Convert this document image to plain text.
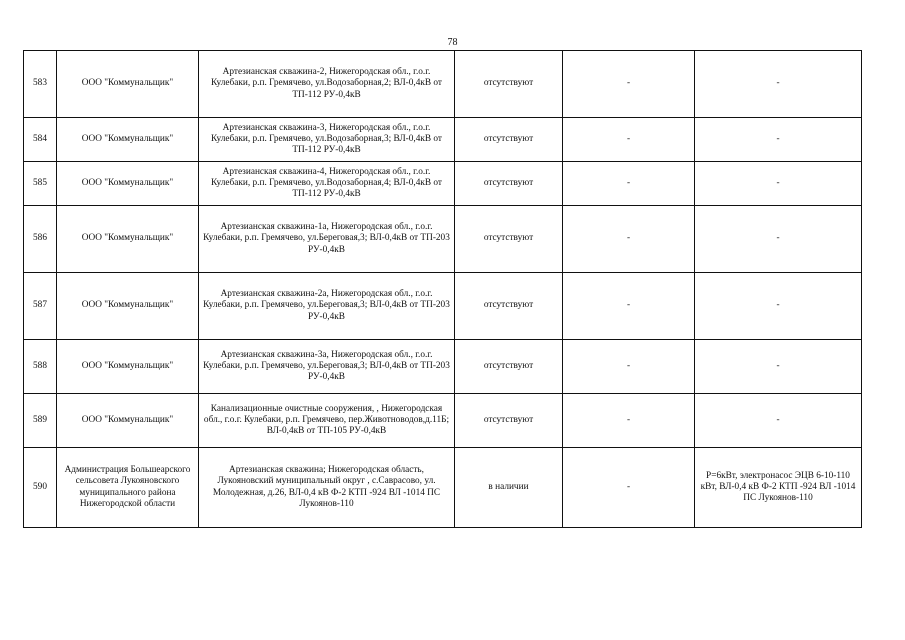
78
583	ООО "Коммунальщик"	Артезианская скважина-2, Нижегородская обл., г.о.г. Кулебаки, р.п. Гремячево, ул.Водозаборная,2; ВЛ-0,4кВ от ТП-112 РУ-0,4кВ	отсутствуют	-	-
584	ООО "Коммунальщик"	Артезианская скважина-3, Нижегородская обл., г.о.г. Кулебаки, р.п. Гремячево, ул.Водозаборная,3; ВЛ-0,4кВ от ТП-112 РУ-0,4кВ	отсутствуют	-	-
585	ООО "Коммунальщик"	Артезианская скважина-4, Нижегородская обл., г.о.г. Кулебаки, р.п. Гремячево, ул.Водозаборная,4; ВЛ-0,4кВ от ТП-112 РУ-0,4кВ	отсутствуют	-	-
586	ООО "Коммунальщик"	Артезианская скважина-1а, Нижегородская обл., г.о.г. Кулебаки, р.п. Гремячево, ул.Береговая,3; ВЛ-0,4кВ от ТП-203 РУ-0,4кВ	отсутствуют	-	-
587	ООО "Коммунальщик"	Артезианская скважина-2а, Нижегородская обл., г.о.г. Кулебаки, р.п. Гремячево, ул.Береговая,3; ВЛ-0,4кВ от ТП-203 РУ-0,4кВ	отсутствуют	-	-
588	ООО "Коммунальщик"	Артезианская скважина-3а, Нижегородская обл., г.о.г. Кулебаки, р.п. Гремячево, ул.Береговая,3; ВЛ-0,4кВ от ТП-203 РУ-0,4кВ	отсутствуют	-	-
589	ООО "Коммунальщик"	Канализационные очистные сооружения, , Нижегородская обл., г.о.г. Кулебаки, р.п. Гремячево, пер.Животноводов,д.11Б; ВЛ-0,4кВ от ТП-105 РУ-0,4кВ	отсутствуют	-	-
590	Администрация Большеарского сельсовета Лукояновского муниципального района Нижегородской области	Артезианская скважина; Нижегородская область, Лукояновский муниципальный округ , с.Саврасово, ул. Молодежная, д.26, ВЛ-0,4 кВ Ф-2 КТП -924 ВЛ -1014 ПС Лукоянов-110	в наличии	-	P=6кВт, электронасос ЭЦВ 6-10-110 кВт, ВЛ-0,4 кВ Ф-2 КТП -924 ВЛ -1014 ПС Лукоянов-110
